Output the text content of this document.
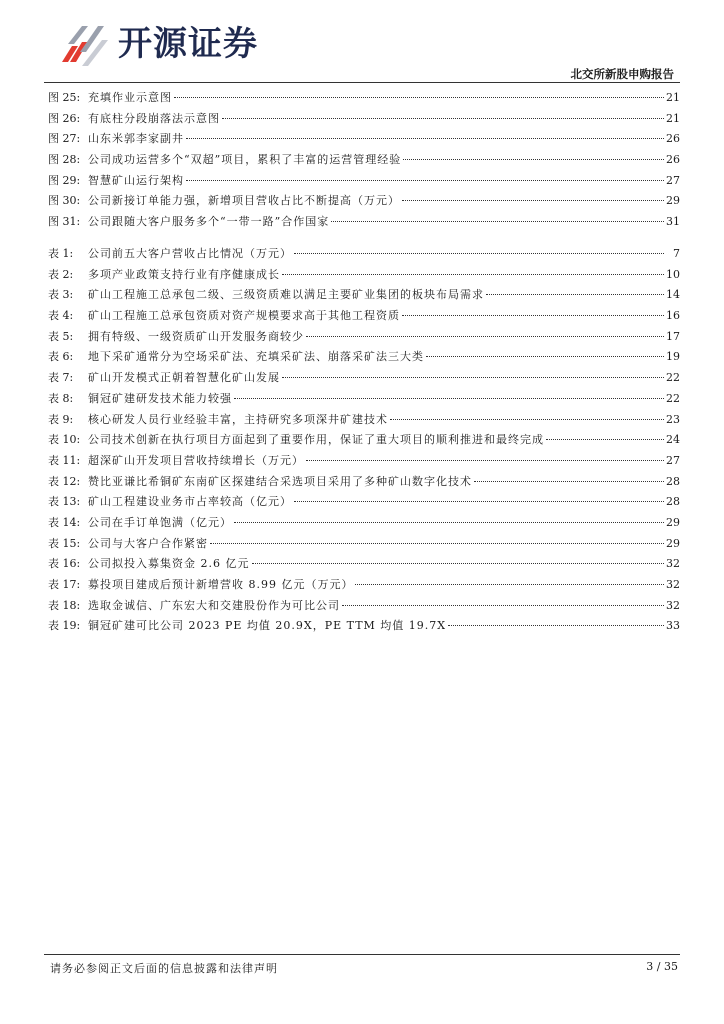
开源证券
北交所新股申购报告
图 25: 充填作业示意图	21
图 26: 有底柱分段崩落法示意图	21
图 27: 山东米郭李家副井	26
图 28: 公司成功运营多个“双超”项目，累积了丰富的运营管理经验	26
图 29: 智慧矿山运行架构	27
图 30: 公司新接订单能力强，新增项目营收占比不断提高（万元）	29
图 31: 公司跟随大客户服务多个“一带一路”合作国家	31
表 1:	公司前五大客户营收占比情况（万元）	7
表 2:	多项产业政策支持行业有序健康成长	10
表 3:	矿山工程施工总承包二级、三级资质难以满足主要矿业集团的板块布局需求	14
表 4:	矿山工程施工总承包资质对资产规模要求高于其他工程资质	16
表 5:	拥有特级、一级资质矿山开发服务商较少	17
表 6:	地下采矿通常分为空场采矿法、充填采矿法、崩落采矿法三大类	19
表 7:	矿山开发模式正朝着智慧化矿山发展	22
表 8:	铜冠矿建研发技术能力较强	22
表 9:	核心研发人员行业经验丰富，主持研究多项深井矿建技术	23
表 10: 公司技术创新在执行项目方面起到了重要作用，保证了重大项目的顺利推进和最终完成	24
表 11: 超深矿山开发项目营收持续增长（万元）	27
表 12: 赞比亚谦比希铜矿东南矿区探建结合采选项目采用了多种矿山数字化技术	28
表 13: 矿山工程建设业务市占率较高（亿元）	28
表 14: 公司在手订单饱满（亿元）	29
表 15: 公司与大客户合作紧密	29
表 16: 公司拟投入募集资金 2.6 亿元	32
表 17: 募投项目建成后预计新增营收 8.99 亿元（万元）	32
表 18: 选取金诚信、广东宏大和交建股份作为可比公司	32
表 19: 铜冠矿建可比公司 2023 PE 均值 20.9X，PE TTM 均值 19.7X	33
请务必参阅正文后面的信息披露和法律声明	3 / 35
